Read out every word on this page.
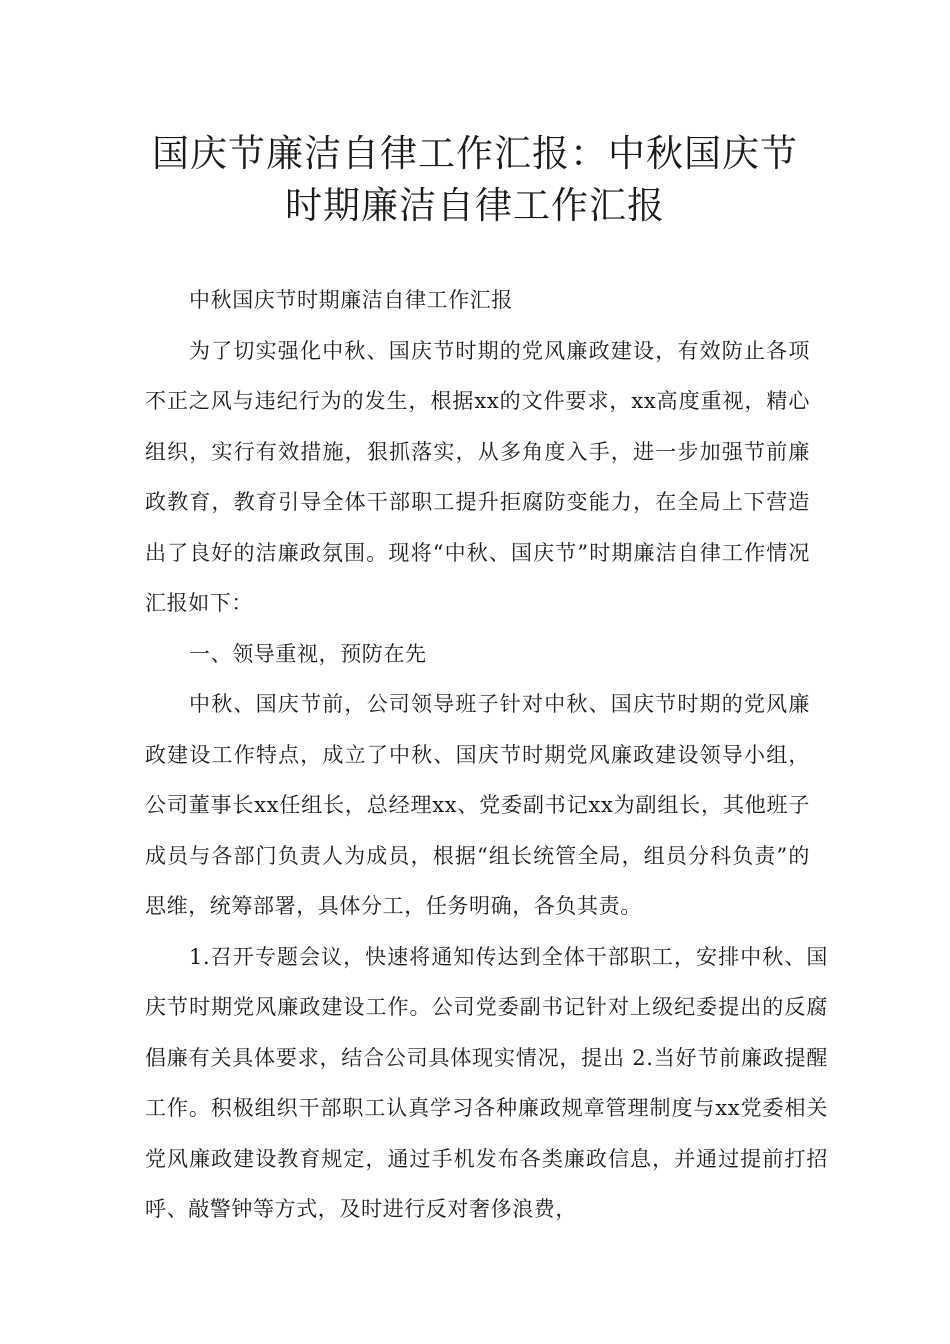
国庆节廉洁自律工作汇报：中秋国庆节
时期廉洁自律工作汇报

中秋国庆节时期廉洁自律工作汇报

为了切实强化中秋、国庆节时期的党风廉政建设，有效防止各项不正之风与违纪行为的发生，根据xx的文件要求，xx高度重视，精心组织，实行有效措施，狠抓落实，从多角度入手，进一步加强节前廉政教育，教育引导全体干部职工提升拒腐防变能力，在全局上下营造出了良好的洁廉政氛围。现将“中秋、国庆节”时期廉洁自律工作情况汇报如下：

一、领导重视，预防在先

中秋、国庆节前，公司领导班子针对中秋、国庆节时期的党风廉政建设工作特点，成立了中秋、国庆节时期党风廉政建设领导小组，公司董事长xx任组长，总经理xx、党委副书记xx为副组长，其他班子成员与各部门负责人为成员，根据“组长统管全局，组员分科负责”的思维，统筹部署，具体分工，任务明确，各负其责。

1.召开专题会议，快速将通知传达到全体干部职工，安排中秋、国庆节时期党风廉政建设工作。公司党委副书记针对上级纪委提出的反腐倡廉有关具体要求，结合公司具体现实情况，提出 2.当好节前廉政提醒工作。积极组织干部职工认真学习各种廉政规章管理制度与xx党委相关党风廉政建设教育规定，通过手机发布各类廉政信息，并通过提前打招呼、敲警钟等方式，及时进行反对奢侈浪费，
